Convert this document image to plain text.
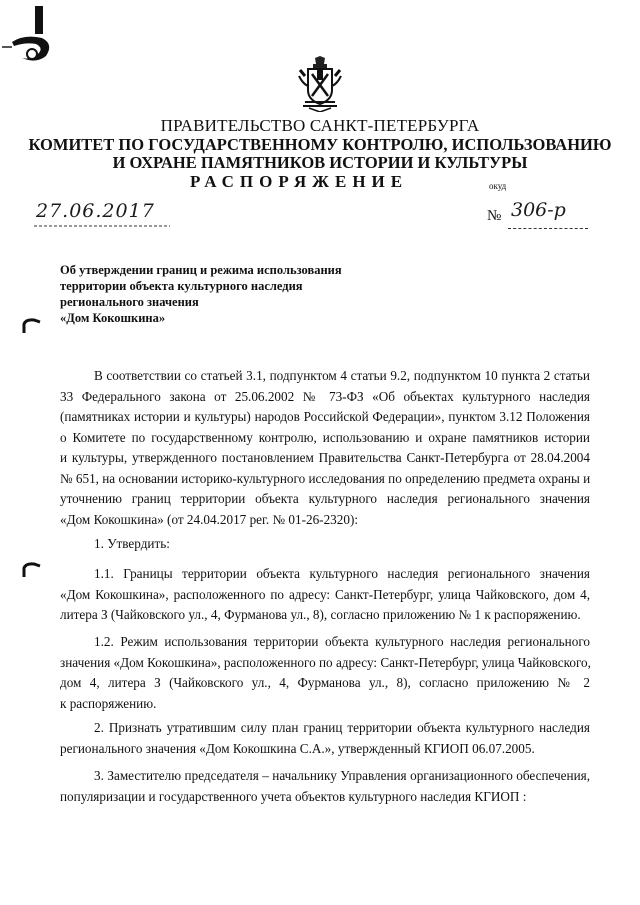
ПРАВИТЕЛЬСТВО САНКТ-ПЕТЕРБУРГА
КОМИТЕТ ПО ГОСУДАРСТВЕННОМУ КОНТРОЛЮ, ИСПОЛЬЗОВАНИЮ
И ОХРАНЕ ПАМЯТНИКОВ ИСТОРИИ И КУЛЬТУРЫ
РАСПОРЯЖЕНИЕ	окуд
27.06.2017	№ 306-р
Об утверждении границ и режима использования
территории объекта культурного наследия
регионального значения
«Дом Кокошкина»
В соответствии со статьей 3.1, подпунктом 4 статьи 9.2, подпунктом 10 пункта 2 статьи
33 Федерального закона от 25.06.2002 № 73-ФЗ «Об объектах культурного наследия
(памятниках истории и культуры) народов Российской Федерации», пунктом 3.12 Положения
о Комитете по государственному контролю, использованию и охране памятников истории
и культуры, утвержденного постановлением Правительства Санкт-Петербурга от 28.04.2004
№ 651, на основании историко-культурного исследования по определению предмета охраны и
уточнению границ территории объекта культурного наследия регионального значения
«Дом Кокошкина» (от 24.04.2017 рег. № 01-26-2320):
1. Утвердить:
1.1. Границы территории объекта культурного наследия регионального значения
«Дом Кокошкина», расположенного по адресу: Санкт-Петербург, улица Чайковского, дом 4,
литера З (Чайковского ул., 4, Фурманова ул., 8), согласно приложению № 1 к распоряжению.
1.2. Режим использования территории объекта культурного наследия регионального
значения «Дом Кокошкина», расположенного по адресу: Санкт-Петербург, улица Чайковского,
дом 4, литера З (Чайковского ул., 4, Фурманова ул., 8), согласно приложению № 2
к распоряжению.
2. Признать утратившим силу план границ территории объекта культурного наследия
регионального значения «Дом Кокошкина С.А.», утвержденный КГИОП 06.07.2005.
3. Заместителю председателя – начальнику Управления организационного обеспечения,
популяризации и государственного учета объектов культурного наследия КГИОП :
